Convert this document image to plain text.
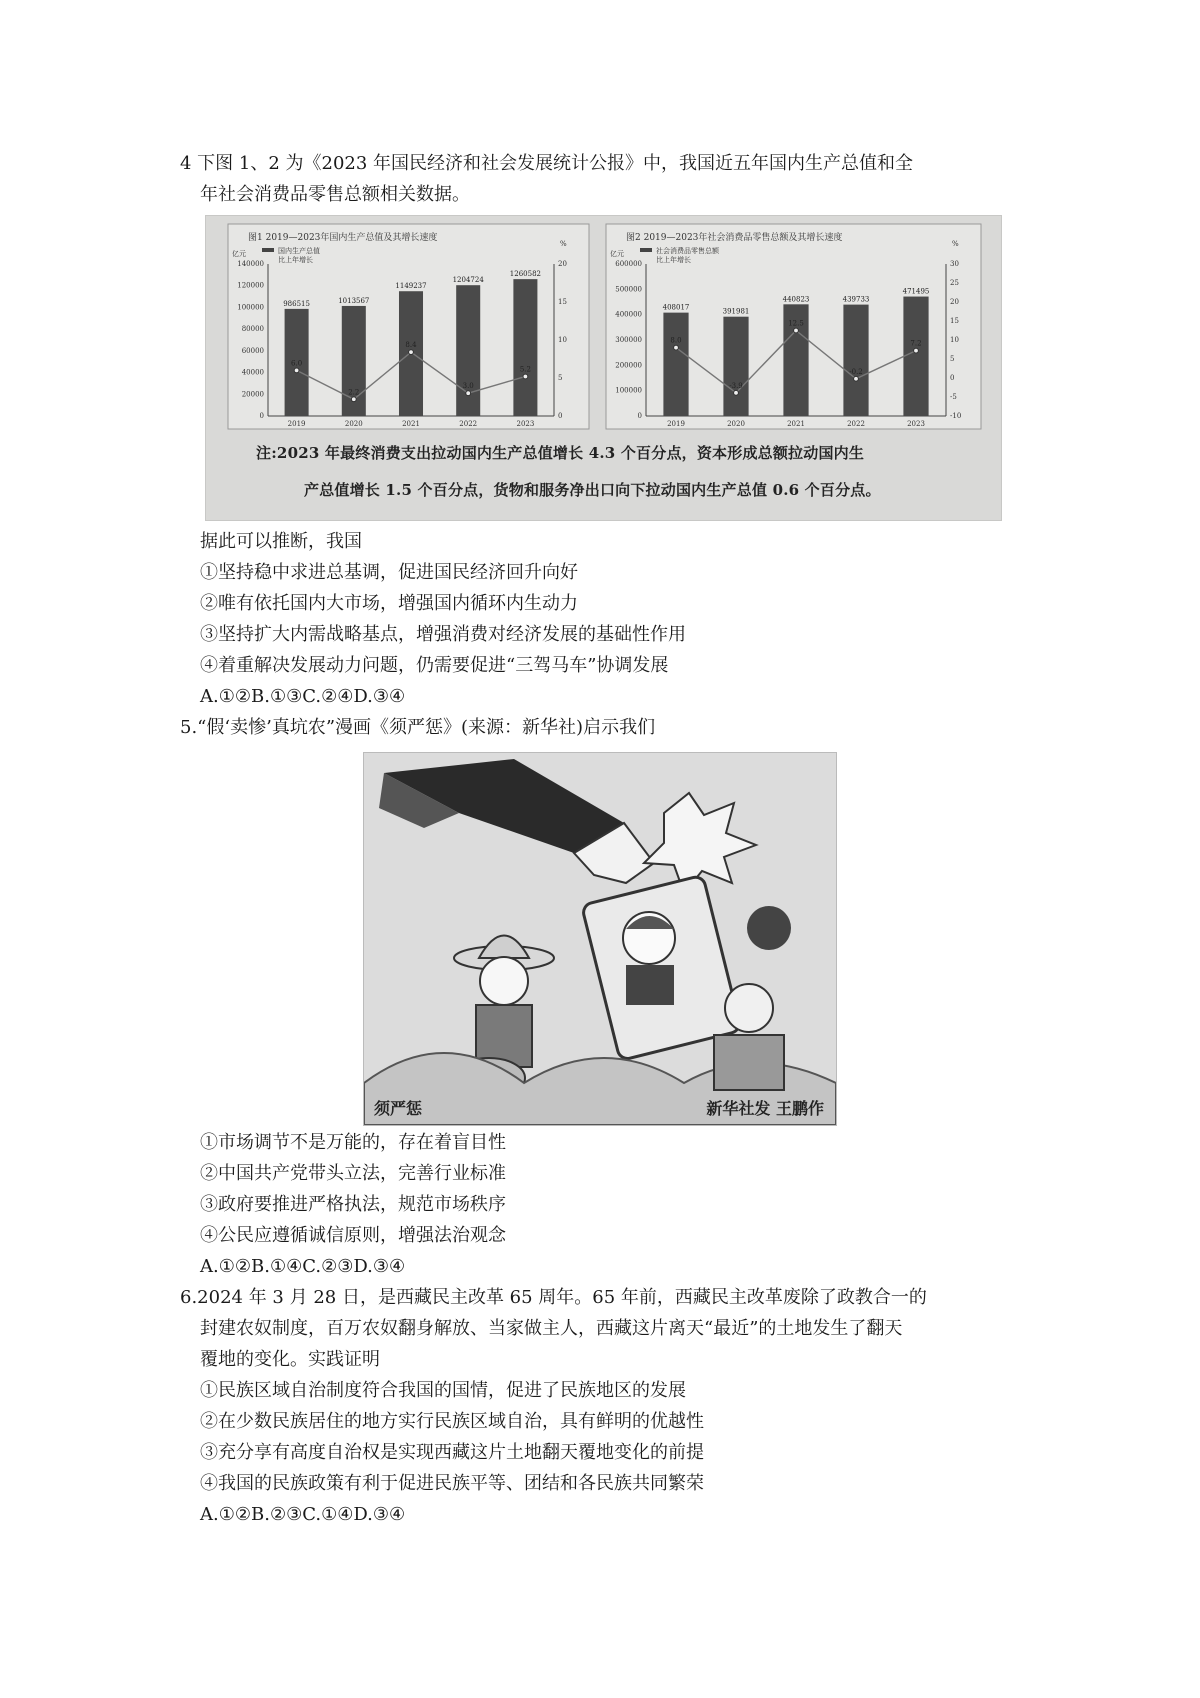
4 下图 1、2 为《2023 年国民经济和社会发展统计公报》中，我国近五年国内生产总值和全
年社会消费品零售总额相关数据。
图1 2019—2023年国内生产总值及其增长速度
亿元
%
国内生产总值
比上年增长
0
20000
40000
60000
80000
100000
120000
140000
0
5
10
15
20
986515
2019
1013567
2020
1149237
2021
1204724
2022
1260582
2023
6.0
2.2
8.4
3.0
5.2
图2 2019—2023年社会消费品零售总额及其增长速度
亿元
%
社会消费品零售总额
比上年增长
0
100000
200000
300000
400000
500000
600000
-10
-5
0
5
10
15
20
25
30
408017
2019
391981
2020
440823
2021
439733
2022
471495
2023
8.0
-3.9
12.5
-0.2
7.2
注:2023 年最终消费支出拉动国内生产总值增长 4.3 个百分点，资本形成总额拉动国内生
产总值增长 1.5 个百分点，货物和服务净出口向下拉动国内生产总值 0.6 个百分点。
据此可以推断，我国
①坚持稳中求进总基调，促进国民经济回升向好
②唯有依托国内大市场，增强国内循环内生动力
③坚持扩大内需战略基点，增强消费对经济发展的基础性作用
④着重解决发展动力问题，仍需要促进“三驾马车”协调发展
A.①②B.①③C.②④D.③④
5.“假‘卖惨’真坑农”漫画《须严惩》(来源：新华社)启示我们
须严惩	新华社发 王鹏作
①市场调节不是万能的，存在着盲目性
②中国共产党带头立法，完善行业标准
③政府要推进严格执法，规范市场秩序
④公民应遵循诚信原则，增强法治观念
A.①②B.①④C.②③D.③④
6.2024 年 3 月 28 日，是西藏民主改革 65 周年。65 年前，西藏民主改革废除了政教合一的
封建农奴制度，百万农奴翻身解放、当家做主人，西藏这片离天“最近”的土地发生了翻天
覆地的变化。实践证明
①民族区域自治制度符合我国的国情，促进了民族地区的发展
②在少数民族居住的地方实行民族区域自治，具有鲜明的优越性
③充分享有高度自治权是实现西藏这片土地翻天覆地变化的前提
④我国的民族政策有利于促进民族平等、团结和各民族共同繁荣
A.①②B.②③C.①④D.③④
